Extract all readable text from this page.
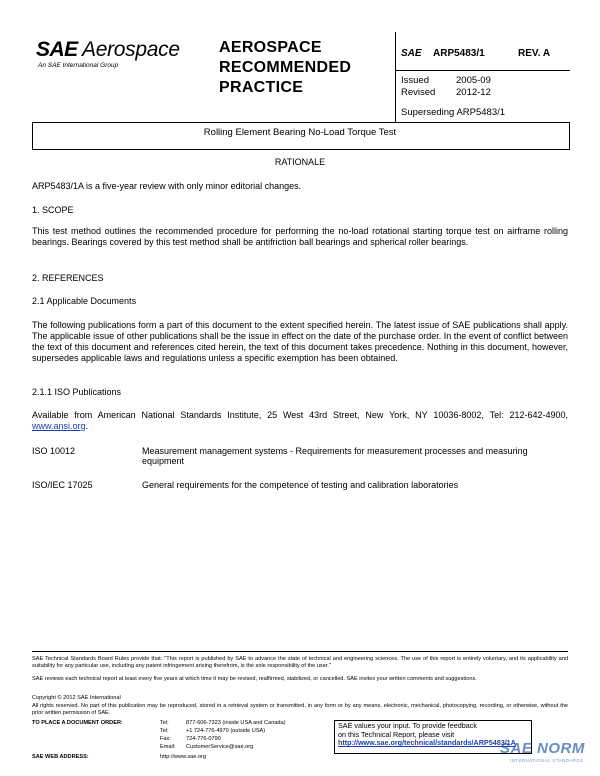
SAE Aerospace
An SAE International Group
AEROSPACE
RECOMMENDED
PRACTICE
SAE ARP5483/1	REV. A
Issued	2005-09
Revised 2012-12
Superseding ARP5483/1
Rolling Element Bearing No-Load Torque Test
RATIONALE
ARP5483/1A is a five-year review with only minor editorial changes.
1. SCOPE
This test method outlines the recommended procedure for performing the no-load rotational starting torque test on airframe rolling bearings. Bearings covered by this test method shall be antifriction ball bearings and spherical roller bearings.
2. REFERENCES
2.1 Applicable Documents
The following publications form a part of this document to the extent specified herein. The latest issue of SAE publications shall apply. The applicable issue of other publications shall be the issue in effect on the date of the purchase order. In the event of conflict between the text of this document and references cited herein, the text of this document takes precedence. Nothing in this document, however, supersedes applicable laws and regulations unless a specific exemption has been obtained.
2.1.1 ISO Publications
Available from American National Standards Institute, 25 West 43rd Street, New York, NY 10036-8002, Tel: 212-642-4900, www.ansi.org.
ISO 10012	Measurement management systems - Requirements for measurement processes and measuring equipment
ISO/IEC 17025	General requirements for the competence of testing and calibration laboratories
SAE Technical Standards Board Rules provide that: "This report is published by SAE to advance the state of technical and engineering sciences. The use of this report is entirely voluntary, and its applicability and suitability for any particular use, including any patent infringement arising therefrom, is the sole responsibility of the user."
SAE reviews each technical report at least every five years at which time it may be revised, reaffirmed, stabilized, or cancelled. SAE invites your written comments and suggestions.
Copyright © 2012 SAE International
All rights reserved. No part of this publication may be reproduced, stored in a retrieval system or transmitted, in any form or by any means, electronic, mechanical, photocopying, recording, or otherwise, without the prior written permission of SAE.
TO PLACE A DOCUMENT ORDER:	Tel:	877-606-7323 (inside USA and Canada)
Tel:	+1 724-776-4970 (outside USA)
Fax:	724-776-0790
Email: CustomerService@sae.org
SAE WEB ADDRESS:	http://www.sae.org
SAE values your input. To provide feedback
on this Technical Report, please visit
http://www.sae.org/technical/standards/ARP5483/1A
SAE NORM
INTERNATIONAL STANDARDS
